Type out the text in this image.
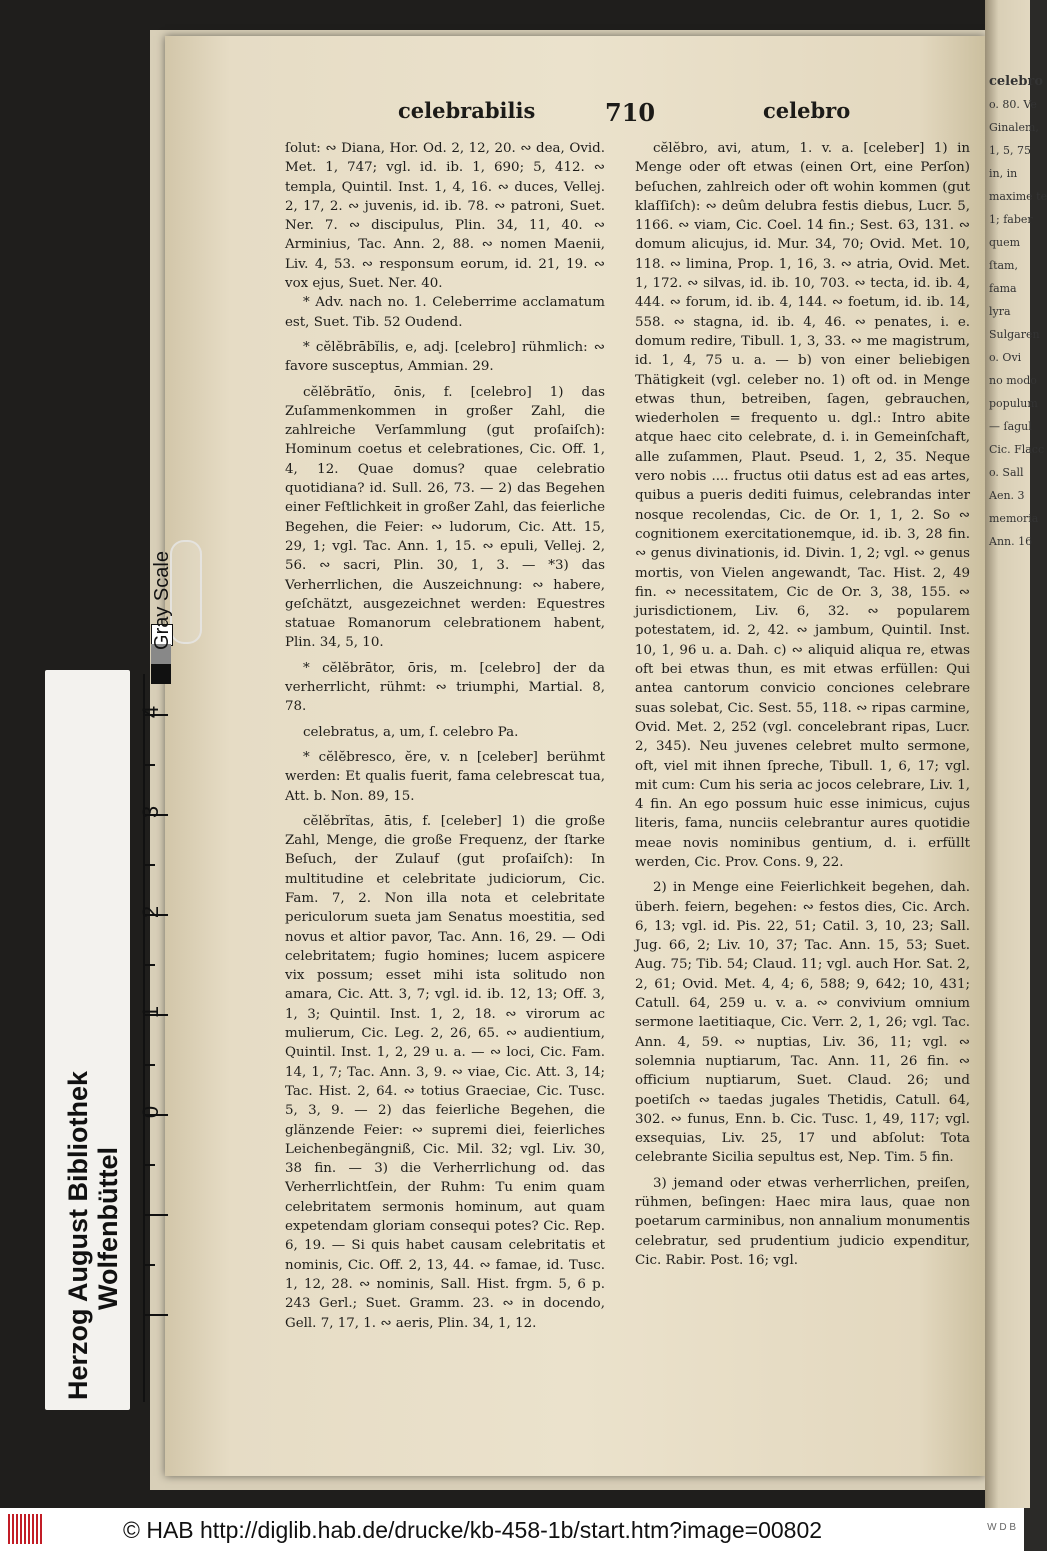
celebrabilis	710	celebro

ſolut: ∾ Diana, Hor. Od. 2, 12, 20. ∾ dea, Ovid. Met. 1, 747; vgl. id. ib. 1, 690; 5, 412. ∾ templa, Quintil. Inst. 1, 4, 16. ∾ duces, Vellej. 2, 17, 2. ∾ juvenis, id. ib. 78. ∾ patroni, Suet. Ner. 7. ∾ discipulus, Plin. 34, 11, 40. ∾ Arminius, Tac. Ann. 2, 88. ∾ nomen Maenii, Liv. 4, 53. ∾ responsum eorum, id. 21, 19. ∾ vox ejus, Suet. Ner. 40.

* Adv. nach no. 1. Celeberrime acclamatum est, Suet. Tib. 52 Oudend.

* cĕlĕbrābĭlis, e, adj. [celebro] rühmlich: ∾ favore susceptus, Ammian. 29.

cĕlĕbrātĭo, ōnis, f. [celebro] 1) das Zuſammenkommen in großer Zahl, die zahlreiche Verſammlung (gut proſaiſch): Hominum coetus et celebrationes, Cic. Off. 1, 4, 12. Quae domus? quae celebratio quotidiana? id. Sull. 26, 73. — 2) das Begehen einer Feſtlichkeit in großer Zahl, das feierliche Begehen, die Feier: ∾ ludorum, Cic. Att. 15, 29, 1; vgl. Tac. Ann. 1, 15. ∾ epuli, Vellej. 2, 56. ∾ sacri, Plin. 30, 1, 3. — *3) das Verherrlichen, die Auszeichnung: ∾ habere, geſchätzt, ausgezeichnet werden: Equestres statuae Romanorum celebrationem habent, Plin. 34, 5, 10.

* cĕlĕbrātor, ōris, m. [celebro] der da verherrlicht, rühmt: ∾ triumphi, Martial. 8, 78.

celebratus, a, um, ſ. celebro Pa.

* cĕlĕbresco, ĕre, v. n [celeber] berühmt werden: Et qualis fuerit, fama celebrescat tua, Att. b. Non. 89, 15.

cĕlĕbrĭtas, ātis, f. [celeber] 1) die große Zahl, Menge, die große Frequenz, der ſtarke Beſuch, der Zulauf (gut proſaiſch): In multitudine et celebritate judiciorum, Cic. Fam. 7, 2. Non illa nota et celebritate periculorum sueta jam Senatus moestitia, sed novus et altior pavor, Tac. Ann. 16, 29. — Odi celebritatem; fugio homines; lucem aspicere vix possum; esset mihi ista solitudo non amara, Cic. Att. 3, 7; vgl. id. ib. 12, 13; Off. 3, 1, 3; Quintil. Inst. 1, 2, 18. ∾ virorum ac mulierum, Cic. Leg. 2, 26, 65. ∾ audientium, Quintil. Inst. 1, 2, 29 u. a. — ∾ loci, Cic. Fam. 14, 1, 7; Tac. Ann. 3, 9. ∾ viae, Cic. Att. 3, 14; Tac. Hist. 2, 64. ∾ totius Graeciae, Cic. Tusc. 5, 3, 9. — 2) das feierliche Begehen, die glänzende Feier: ∾ supremi diei, feierliches Leichenbegängniß, Cic. Mil. 32; vgl. Liv. 30, 38 fin. — 3) die Verherrlichung od. das Verherrlichtſein, der Ruhm: Tu enim quam celebritatem sermonis hominum, aut quam expetendam gloriam consequi potes? Cic. Rep. 6, 19. — Si quis habet causam celebritatis et nominis, Cic. Off. 2, 13, 44. ∾ famae, id. Tusc. 1, 12, 28. ∾ nominis, Sall. Hist. frgm. 5, 6 p. 243 Gerl.; Suet. Gramm. 23. ∾ in docendo, Gell. 7, 17, 1. ∾ aeris, Plin. 34, 1, 12.

cĕlĕbro, avi, atum, 1. v. a. [celeber] 1) in Menge oder oft etwas (einen Ort, eine Perſon) beſuchen, zahlreich oder oft wohin kommen (gut klaſſiſch): ∾ deûm delubra festis diebus, Lucr. 5, 1166. ∾ viam, Cic. Coel. 14 fin.; Sest. 63, 131. ∾ domum alicujus, id. Mur. 34, 70; Ovid. Met. 10, 118. ∾ limina, Prop. 1, 16, 3. ∾ atria, Ovid. Met. 1, 172. ∾ silvas, id. ib. 10, 703. ∾ tecta, id. ib. 4, 444. ∾ forum, id. ib. 4, 144. ∾ foetum, id. ib. 14, 558. ∾ stagna, id. ib. 4, 46. ∾ penates, i. e. domum redire, Tibull. 1, 3, 33. ∾ me magistrum, id. 1, 4, 75 u. a. — b) von einer beliebigen Thätigkeit (vgl. celeber no. 1) oft od. in Menge etwas thun, betreiben, ſagen, gebrauchen, wiederholen = frequento u. dgl.: Intro abite atque haec cito celebrate, d. i. in Gemeinſchaft, alle zuſammen, Plaut. Pseud. 1, 2, 35. Neque vero nobis .... fructus otii datus est ad eas artes, quibus a pueris dediti fuimus, celebrandas inter nosque recolendas, Cic. de Or. 1, 1, 2. So ∾ cognitionem exercitationemque, id. ib. 3, 28 fin. ∾ genus divinationis, id. Divin. 1, 2; vgl. ∾ genus mortis, von Vielen angewandt, Tac. Hist. 2, 49 fin. ∾ necessitatem, Cic de Or. 3, 38, 155. ∾ jurisdictionem, Liv. 6, 32. ∾ popularem potestatem, id. 2, 42. ∾ jambum, Quintil. Inst. 10, 1, 96 u. a. Dah. c) ∾ aliquid aliqua re, etwas oft bei etwas thun, es mit etwas erfüllen: Qui antea cantorum convicio conciones celebrare suas solebat, Cic. Sest. 55, 118. ∾ ripas carmine, Ovid. Met. 2, 252 (vgl. concelebrant ripas, Lucr. 2, 345). Neu juvenes celebret multo sermone, oft, viel mit ihnen ſpreche, Tibull. 1, 6, 17; vgl. mit cum: Cum his seria ac jocos celebrare, Liv. 1, 4 fin. An ego possum huic esse inimicus, cujus literis, fama, nunciis celebrantur aures quotidie meae novis nominibus gentium, d. i. erfüllt werden, Cic. Prov. Cons. 9, 22.

2) in Menge eine Feierlichkeit begehen, dah. überh. feiern, begehen: ∾ festos dies, Cic. Arch. 6, 13; vgl. id. Pis. 22, 51; Catil. 3, 10, 23; Sall. Jug. 66, 2; Liv. 10, 37; Tac. Ann. 15, 53; Suet. Aug. 75; Tib. 54; Claud. 11; vgl. auch Hor. Sat. 2, 2, 61; Ovid. Met. 4, 4; 6, 588; 9, 642; 10, 431; Catull. 64, 259 u. v. a. ∾ convivium omnium sermone laetitiaque, Cic. Verr. 2, 1, 26; vgl. Tac. Ann. 4, 59. ∾ nuptias, Liv. 36, 11; vgl. ∾ solemnia nuptiarum, Tac. Ann. 11, 26 fin. ∾ officium nuptiarum, Suet. Claud. 26; und poetiſch ∾ taedas jugales Thetidis, Catull. 64, 302. ∾ funus, Enn. b. Cic. Tusc. 1, 49, 117; vgl. exsequias, Liv. 25, 17 und abſolut: Tota celebrante Sicilia sepultus est, Nep. Tim. 5 fin.

3) jemand oder etwas verherrlichen, preiſen, rühmen, beſingen: Haec mira laus, quae non poetarum carminibus, non annalium monumentis celebratur, sed prudentium judicio expenditur, Cic. Rabir. Post. 16; vgl.

celebro

o. 80. Ve

Ginalem,

1, 5, 75

in, in

maxime te

1; faber

quem

ſtam,

fama

lyra

Sulgaren

o. Ovi

no modo

populum

— ſagul

Cic. Flacc

o. Sall

Aen. 3

memoria

Ann. 16

Herzog August Bibliothek Wolfenbüttel
4
3
2
1
0
Gray Scale
© HAB http://diglib.hab.de/drucke/kb-458-1b/start.htm?image=00802	W D B
